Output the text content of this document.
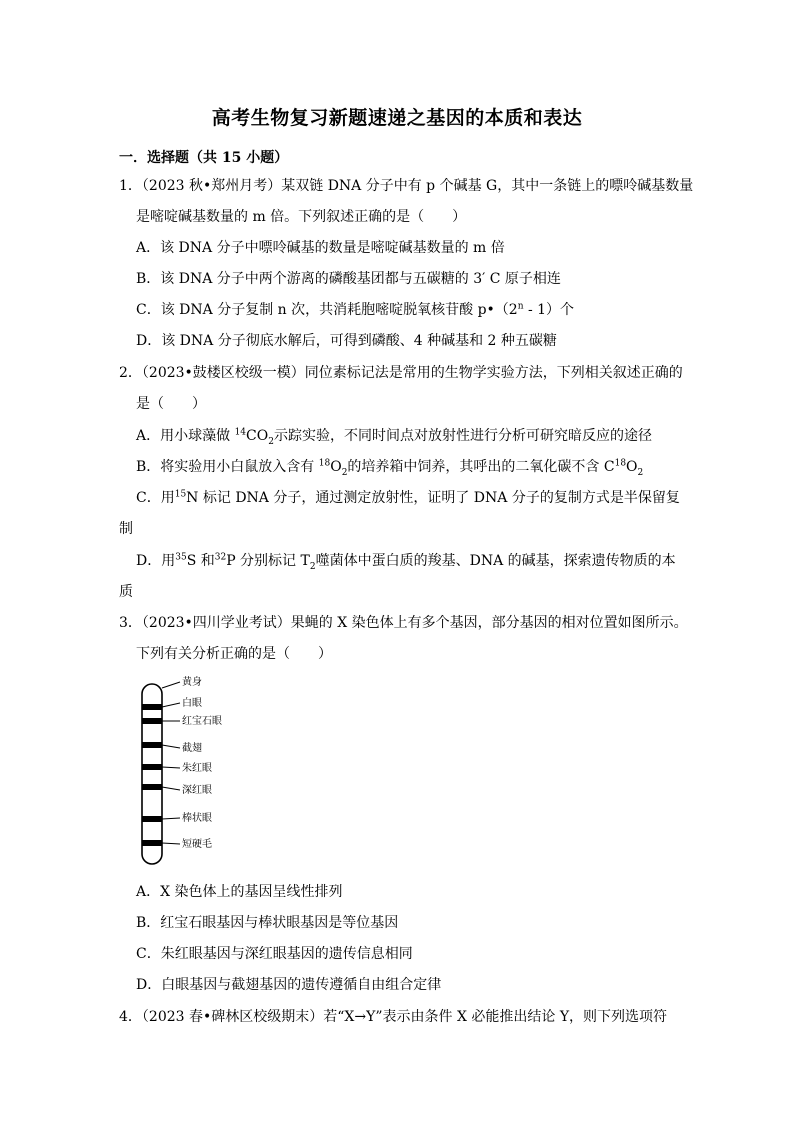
高考生物复习新题速递之基因的本质和表达
一．选择题（共 15 小题）
1．（2023 秋•郑州月考）某双链 DNA 分子中有 p 个碱基 G，其中一条链上的嘌呤碱基数量
是嘧啶碱基数量的 m 倍。下列叙述正确的是（　　）
A．该 DNA 分子中嘌呤碱基的数量是嘧啶碱基数量的 m 倍
B．该 DNA 分子中两个游离的磷酸基团都与五碳糖的 3′ C 原子相连
C．该 DNA 分子复制 n 次，共消耗胞嘧啶脱氧核苷酸 p•（2$^n$ - 1）个
D．该 DNA 分子彻底水解后，可得到磷酸、4 种碱基和 2 种五碳糖
2．（2023•鼓楼区校级一模）同位素标记法是常用的生物学实验方法，下列相关叙述正确的
是（　　）
A．用小球藻做 $^{14}CO_2$示踪实验，不同时间点对放射性进行分析可研究暗反应的途径
B．将实验用小白鼠放入含有 $^{18}O_2$的培养箱中饲养，其呼出的二氧化碳不含 $C^{18}O_2$
C．用$^{15}$N 标记 DNA 分子，通过测定放射性，证明了 DNA 分子的复制方式是半保留复
制
D．用$^{35}$S 和$^{32}$P 分别标记 $T_2$噬菌体中蛋白质的羧基、DNA 的碱基，探索遗传物质的本
质
3．（2023•四川学业考试）果蝇的 X 染色体上有多个基因，部分基因的相对位置如图所示。
下列有关分析正确的是（　　）
黄身
白眼
红宝石眼
截翅
朱红眼
深红眼
棒状眼
短硬毛
A．X 染色体上的基因呈线性排列
B．红宝石眼基因与棒状眼基因是等位基因
C．朱红眼基因与深红眼基因的遗传信息相同
D．白眼基因与截翅基因的遗传遵循自由组合定律
4．（2023 春•碑林区校级期末）若“X→Y”表示由条件 X 必能推出结论 Y，则下列选项符
